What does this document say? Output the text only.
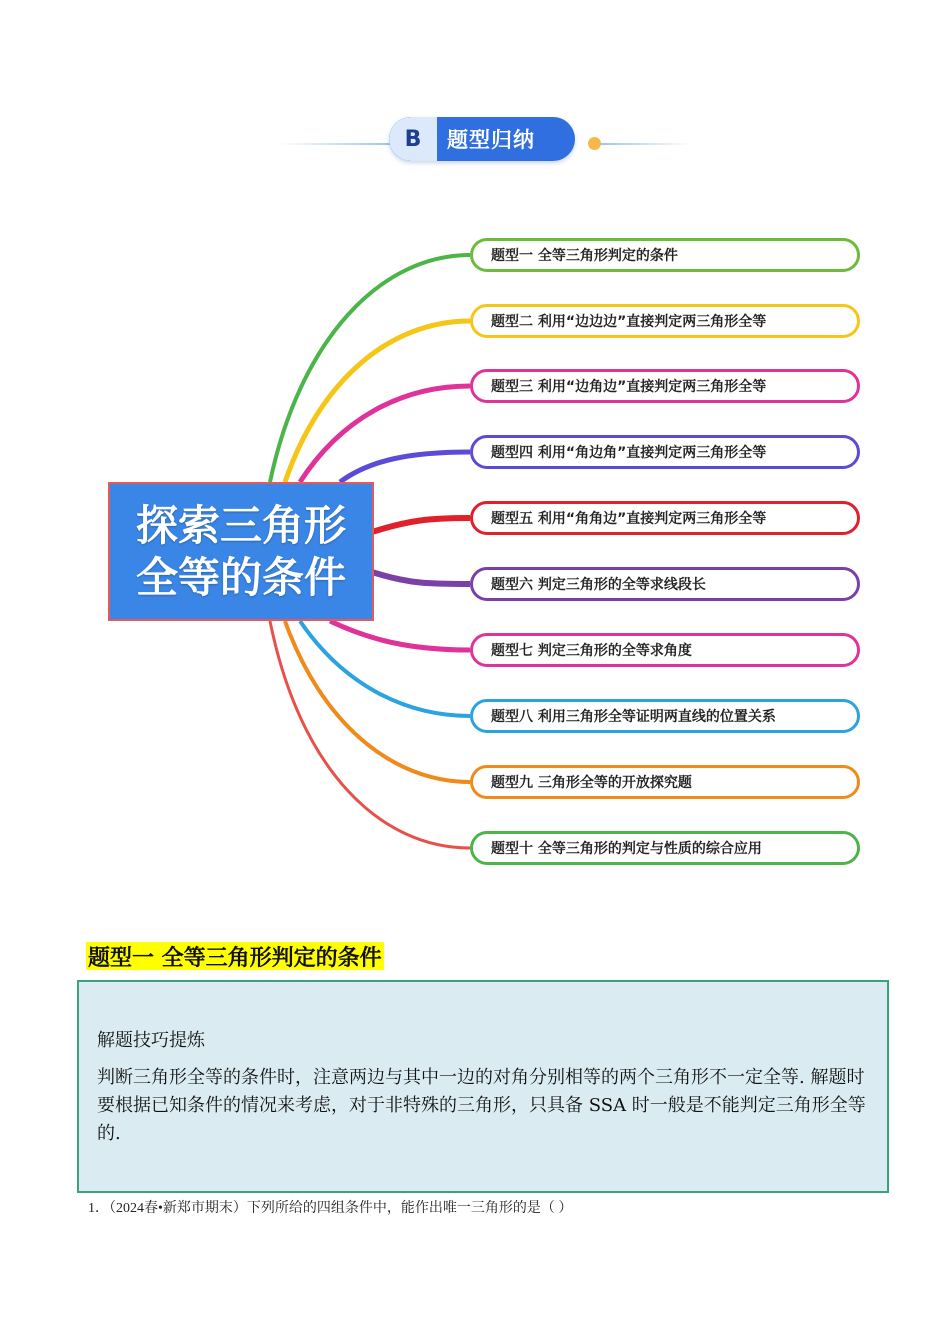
B	题型归纳
探索三角形
全等的条件
题型一 全等三角形判定的条件
题型二 利用“边边边”直接判定两三角形全等
题型三 利用“边角边”直接判定两三角形全等
题型四 利用“角边角”直接判定两三角形全等
题型五 利用“角角边”直接判定两三角形全等
题型六 判定三角形的全等求线段长
题型七 判定三角形的全等求角度
题型八 利用三角形全等证明两直线的位置关系
题型九 三角形全等的开放探究题
题型十 全等三角形的判定与性质的综合应用
题型一 全等三角形判定的条件
解题技巧提炼
判断三角形全等的条件时，注意两边与其中一边的对角分别相等的两个三角形不一定全等. 解题时要根据已知条件的情况来考虑，对于非特殊的三角形，只具备 SSA 时一般是不能判定三角形全等的.
1．（2024春•新郑市期末）下列所给的四组条件中，能作出唯一三角形的是（ ）
